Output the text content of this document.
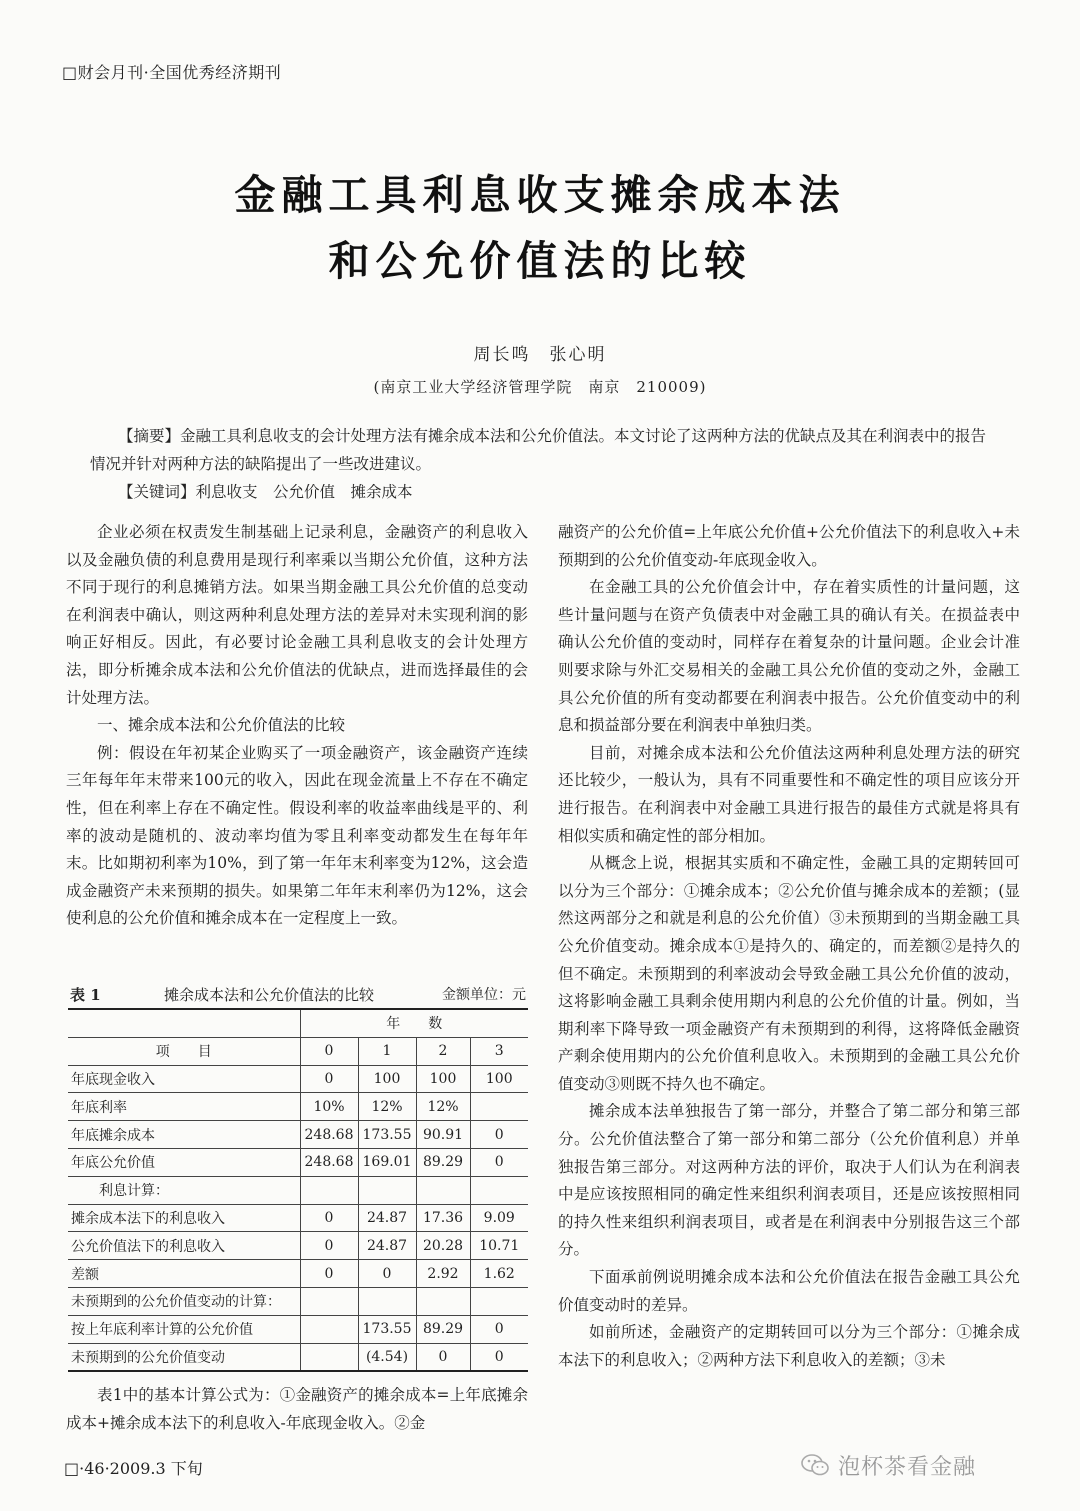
□财会月刊·全国优秀经济期刊
金融工具利息收支摊余成本法
和公允价值法的比较
周长鸣　张心明
(南京工业大学经济管理学院　南京　210009)
【摘要】金融工具利息收支的会计处理方法有摊余成本法和公允价值法。本文讨论了这两种方法的优缺点及其在利润表中的报告情况并针对两种方法的缺陷提出了一些改进建议。
【关键词】利息收支　公允价值　摊余成本

企业必须在权责发生制基础上记录利息，金融资产的利息收入以及金融负债的利息费用是现行利率乘以当期公允价值，这种方法不同于现行的利息摊销方法。如果当期金融工具公允价值的总变动在利润表中确认，则这两种利息处理方法的差异对未实现利润的影响正好相反。因此，有必要讨论金融工具利息收支的会计处理方法，即分析摊余成本法和公允价值法的优缺点，进而选择最佳的会计处理方法。

一、摊余成本法和公允价值法的比较

例：假设在年初某企业购买了一项金融资产，该金融资产连续三年每年年末带来100元的收入，因此在现金流量上不存在不确定性，但在利率上存在不确定性。假设利率的收益率曲线是平的、利率的波动是随机的、波动率均值为零且利率变动都发生在每年年末。比如期初利率为10%，到了第一年年末利率变为12%，这会造成金融资产未来预期的损失。如果第二年年末利率仍为12%，这会使利息的公允价值和摊余成本在一定程度上一致。

表 1	摊余成本法和公允价值法的比较	金额单位：元
	年　　数			
项　　目	0	1	2	3
年底现金收入	0	100	100	100
年底利率	10%	12%	12%	
年底摊余成本	248.68	173.55	90.91	0
年底公允价值	248.68	169.01	89.29	0
　　利息计算：				
摊余成本法下的利息收入	0	24.87	17.36	9.09
公允价值法下的利息收入	0	24.87	20.28	10.71
差额	0	0	2.92	1.62
未预期到的公允价值变动的计算：				
按上年底利率计算的公允价值		173.55	89.29	0
未预期到的公允价值变动		(4.54)	0	0

表1中的基本计算公式为：①金融资产的摊余成本=上年底摊余成本+摊余成本法下的利息收入-年底现金收入。②金

融资产的公允价值=上年底公允价值+公允价值法下的利息收入+未预期到的公允价值变动-年底现金收入。

在金融工具的公允价值会计中，存在着实质性的计量问题，这些计量问题与在资产负债表中对金融工具的确认有关。在损益表中确认公允价值的变动时，同样存在着复杂的计量问题。企业会计准则要求除与外汇交易相关的金融工具公允价值的变动之外，金融工具公允价值的所有变动都要在利润表中报告。公允价值变动中的利息和损益部分要在利润表中单独归类。

目前，对摊余成本法和公允价值法这两种利息处理方法的研究还比较少，一般认为，具有不同重要性和不确定性的项目应该分开进行报告。在利润表中对金融工具进行报告的最佳方式就是将具有相似实质和确定性的部分相加。

从概念上说，根据其实质和不确定性，金融工具的定期转回可以分为三个部分：①摊余成本；②公允价值与摊余成本的差额；(显然这两部分之和就是利息的公允价值）③未预期到的当期金融工具公允价值变动。摊余成本①是持久的、确定的，而差额②是持久的但不确定。未预期到的利率波动会导致金融工具公允价值的波动，这将影响金融工具剩余使用期内利息的公允价值的计量。例如，当期利率下降导致一项金融资产有未预期到的利得，这将降低金融资产剩余使用期内的公允价值利息收入。未预期到的金融工具公允价值变动③则既不持久也不确定。

摊余成本法单独报告了第一部分，并整合了第二部分和第三部分。公允价值法整合了第一部分和第二部分（公允价值利息）并单独报告第三部分。对这两种方法的评价，取决于人们认为在利润表中是应该按照相同的确定性来组织利润表项目，还是应该按照相同的持久性来组织利润表项目，或者是在利润表中分别报告这三个部分。

下面承前例说明摊余成本法和公允价值法在报告金融工具公允价值变动时的差异。

如前所述，金融资产的定期转回可以分为三个部分：①摊余成本法下的利息收入；②两种方法下利息收入的差额；③未

□·46·2009.3 下旬	泡杯茶看金融
